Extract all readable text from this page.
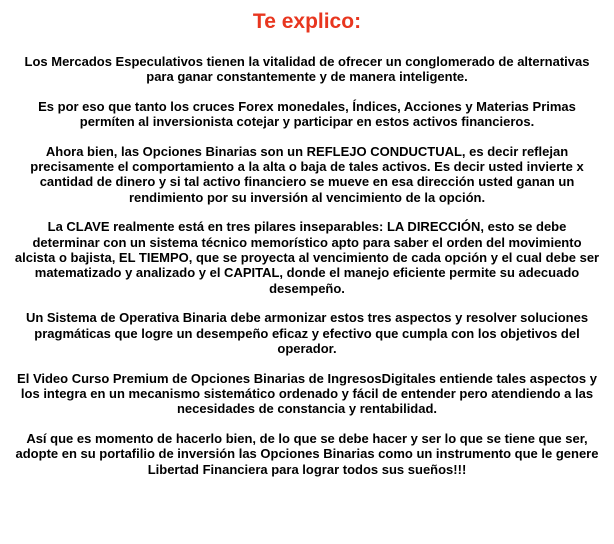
Te explico:

Los Mercados Especulativos tienen la vitalidad de ofrecer un conglomerado de alternativas para ganar constantemente y de manera inteligente.

Es por eso que tanto los cruces Forex monedales, Índices, Acciones y Materias Primas permíten al inversionista cotejar y participar en estos activos financieros.

Ahora bien, las Opciones Binarias son un REFLEJO CONDUCTUAL, es decir reflejan precisamente el comportamiento a la alta o baja de tales activos. Es decir usted invierte x cantidad de dinero y si tal activo financiero se mueve en esa dirección usted ganan un rendimiento por su inversión al vencimiento de la opción.

La CLAVE realmente está en tres pilares inseparables: LA DIRECCIÓN, esto se debe determinar con un sistema técnico memorístico apto para saber el orden del movimiento alcista o bajista, EL TIEMPO, que se proyecta al vencimiento de cada opción y el cual debe ser matematizado y analizado y el CAPITAL, donde el manejo eficiente permite su adecuado desempeño.

Un Sistema de Operativa Binaria debe armonizar estos tres aspectos y resolver soluciones pragmáticas que logre un desempeño eficaz y efectivo que cumpla con los objetivos del operador.

El Video Curso Premium de Opciones Binarias de IngresosDigitales entiende tales aspectos y los integra en un mecanismo sistemático ordenado y fácil de entender pero atendiendo a las necesidades de constancia y rentabilidad.

Así que es momento de hacerlo bien, de lo que se debe hacer y ser lo que se tiene que ser, adopte en su portafilio de inversión las Opciones Binarias como un instrumento que le genere Libertad Financiera para lograr todos sus sueños!!!
